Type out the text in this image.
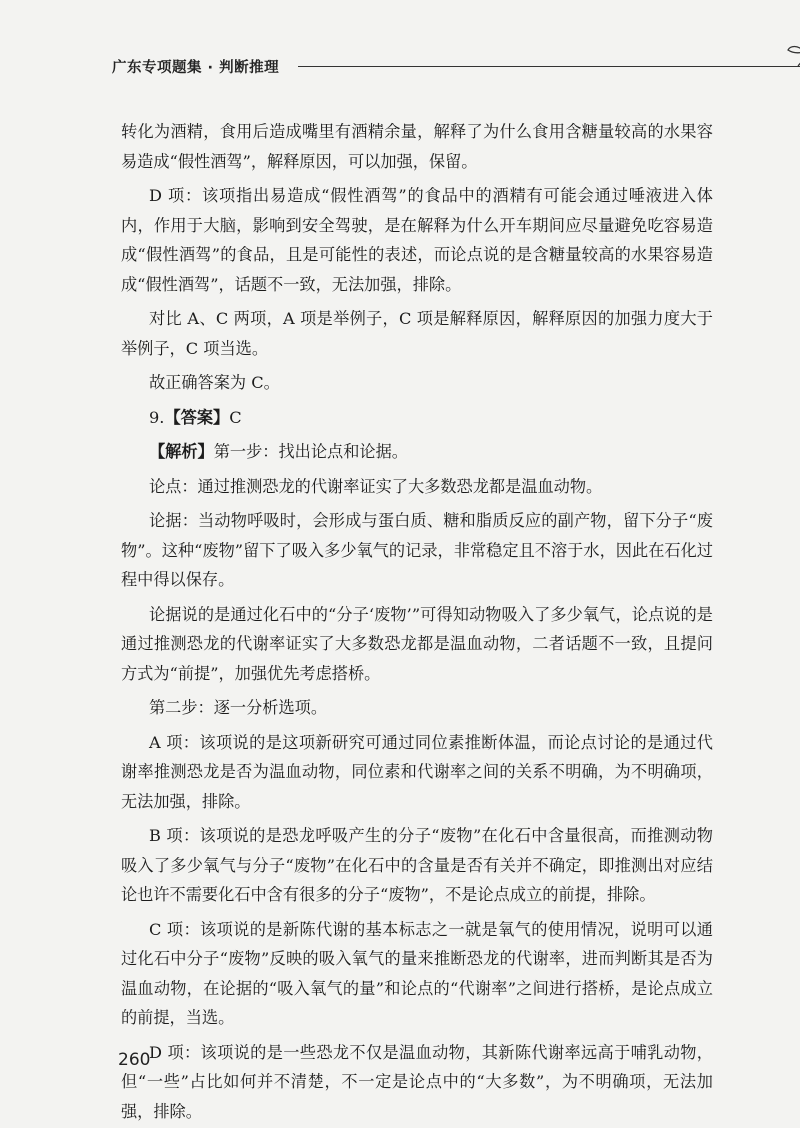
广东专项题集 · 判断推理

转化为酒精，食用后造成嘴里有酒精余量，解释了为什么食用含糖量较高的水果容易造成“假性酒驾”，解释原因，可以加强，保留。

D 项：该项指出易造成“假性酒驾”的食品中的酒精有可能会通过唾液进入体内，作用于大脑，影响到安全驾驶，是在解释为什么开车期间应尽量避免吃容易造成“假性酒驾”的食品，且是可能性的表述，而论点说的是含糖量较高的水果容易造成“假性酒驾”，话题不一致，无法加强，排除。

对比 A、C 两项，A 项是举例子，C 项是解释原因，解释原因的加强力度大于举例子，C 项当选。

故正确答案为 C。

9.【答案】C

【解析】第一步：找出论点和论据。

论点：通过推测恐龙的代谢率证实了大多数恐龙都是温血动物。

论据：当动物呼吸时，会形成与蛋白质、糖和脂质反应的副产物，留下分子“废物”。这种“废物”留下了吸入多少氧气的记录，非常稳定且不溶于水，因此在石化过程中得以保存。

论据说的是通过化石中的“分子‘废物’”可得知动物吸入了多少氧气，论点说的是通过推测恐龙的代谢率证实了大多数恐龙都是温血动物，二者话题不一致，且提问方式为“前提”，加强优先考虑搭桥。

第二步：逐一分析选项。

A 项：该项说的是这项新研究可通过同位素推断体温，而论点讨论的是通过代谢率推测恐龙是否为温血动物，同位素和代谢率之间的关系不明确，为不明确项，无法加强，排除。

B 项：该项说的是恐龙呼吸产生的分子“废物”在化石中含量很高，而推测动物吸入了多少氧气与分子“废物”在化石中的含量是否有关并不确定，即推测出对应结论也许不需要化石中含有很多的分子“废物”，不是论点成立的前提，排除。

C 项：该项说的是新陈代谢的基本标志之一就是氧气的使用情况，说明可以通过化石中分子“废物”反映的吸入氧气的量来推断恐龙的代谢率，进而判断其是否为温血动物，在论据的“吸入氧气的量”和论点的“代谢率”之间进行搭桥，是论点成立的前提，当选。

D 项：该项说的是一些恐龙不仅是温血动物，其新陈代谢率远高于哺乳动物，但“一些”占比如何并不清楚，不一定是论点中的“大多数”，为不明确项，无法加强，排除。

260
